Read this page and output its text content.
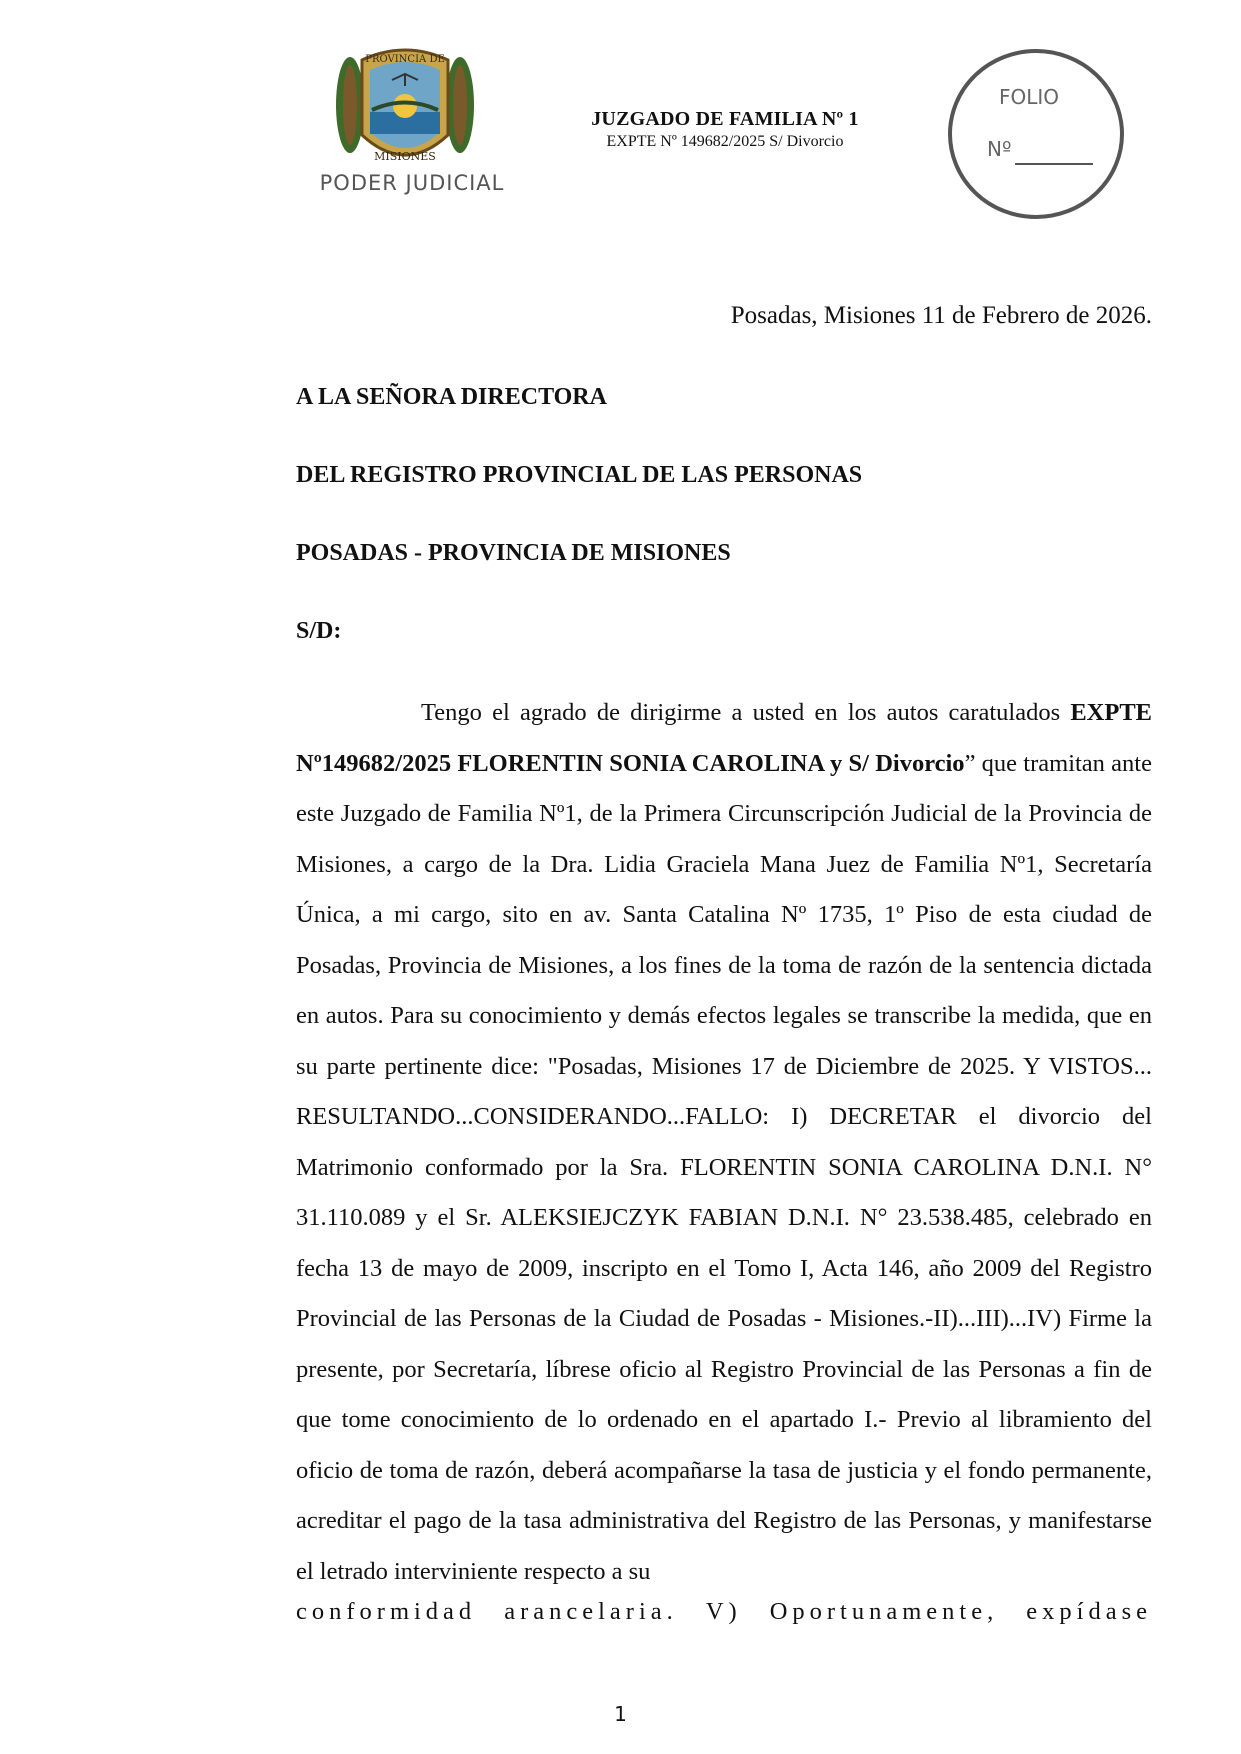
PROVINCIA DE
MISIONES
PODER JUDICIAL
JUZGADO DE FAMILIA Nº 1
EXPTE Nº 149682/2025 S/ Divorcio
FOLIO
Nº
Posadas, Misiones 11 de Febrero de 2026.
A LA SEÑORA DIRECTORA
DEL REGISTRO PROVINCIAL DE LAS PERSONAS
POSADAS - PROVINCIA DE MISIONES
S/D:

Tengo el agrado de dirigirme a usted en los autos caratulados EXPTE Nº149682/2025 FLORENTIN SONIA CAROLINA y S/ Divorcio” que tramitan ante este Juzgado de Familia Nº1, de la Primera Circunscripción Judicial de la Provincia de Misiones, a cargo de la Dra. Lidia Graciela Mana Juez de Familia Nº1, Secretaría Única, a mi cargo, sito en av. Santa Catalina Nº 1735, 1º Piso de esta ciudad de Posadas, Provincia de Misiones, a los fines de la toma de razón de la sentencia dictada en autos. Para su conocimiento y demás efectos legales se transcribe la medida, que en su parte pertinente dice: "Posadas, Misiones 17 de Diciembre de 2025. Y VISTOS... RESULTANDO...CONSIDERANDO...FALLO: I) DECRETAR el divorcio del Matrimonio conformado por la Sra. FLORENTIN SONIA CAROLINA D.N.I. N° 31.110.089 y el Sr. ALEKSIEJCZYK FABIAN D.N.I. N° 23.538.485, celebrado en fecha 13 de mayo de 2009, inscripto en el Tomo I, Acta 146, año 2009 del Registro Provincial de las Personas de la Ciudad de Posadas - Misiones.-II)...III)...IV) Firme la presente, por Secretaría, líbrese oficio al Registro Provincial de las Personas a fin de que tome conocimiento de lo ordenado en el apartado I.- Previo al libramiento del oficio de toma de razón, deberá acompañarse la tasa de justicia y el fondo permanente, acreditar el pago de la tasa administrativa del Registro de las Personas, y manifestarse el letrado interviniente respecto a su

conformidad arancelaria. V) Oportunamente, expídase
1
